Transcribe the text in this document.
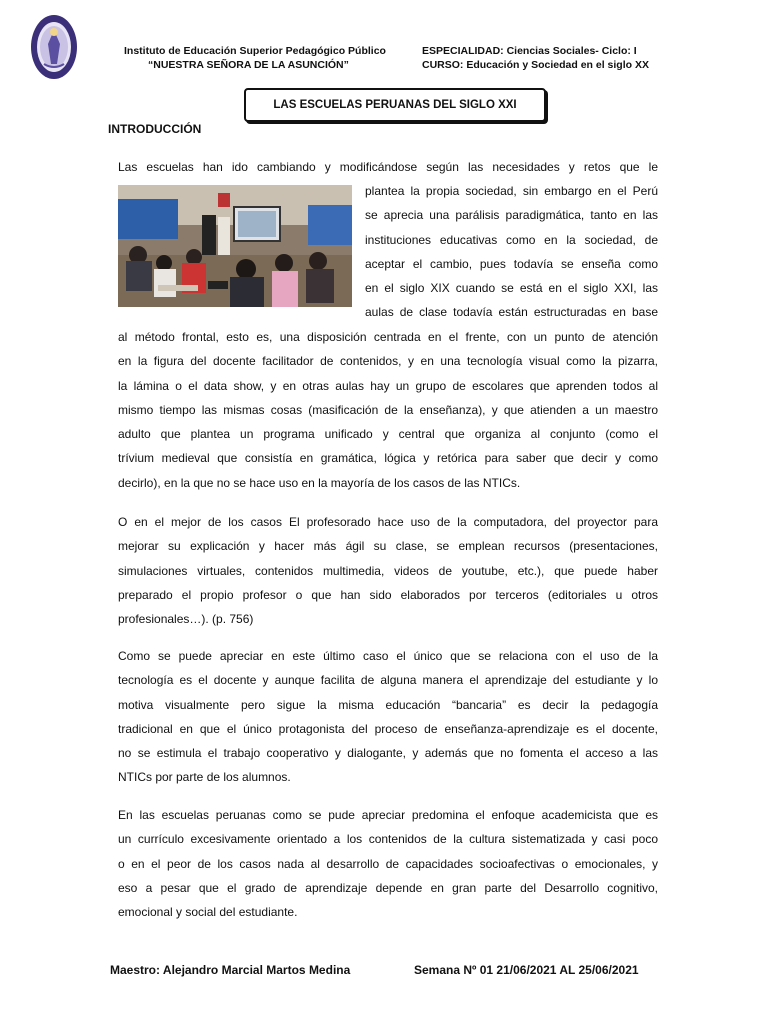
Instituto de Educación Superior Pedagógico Público
“NUESTRA SEÑORA DE LA ASUNCIÓN”
ESPECIALIDAD: Ciencias Sociales- Ciclo: I
CURSO: Educación y Sociedad en el siglo XX
LAS ESCUELAS PERUANAS DEL SIGLO XXI
INTRODUCCIÓN
Las escuelas han ido cambiando y modificándose según las necesidades y retos que le
plantea la propia sociedad, sin embargo en el Perú
se aprecia una parálisis paradigmática, tanto en las
instituciones educativas como en la sociedad, de
aceptar el cambio, pues todavía se enseña como
en el siglo XIX cuando se está en el siglo XXI, las
aulas de clase todavía están estructuradas en base
al método frontal, esto es, una disposición centrada en el frente, con un punto de atención
en la figura del docente facilitador de contenidos, y en una tecnología visual como la pizarra,
la lámina o el data show, y en otras aulas hay un grupo de escolares que aprenden todos al
mismo tiempo las mismas cosas (masificación de la enseñanza), y que atienden a un maestro
adulto que plantea un programa unificado y central que organiza al conjunto (como el
trívium medieval que consistía en gramática, lógica y retórica para saber que decir y como
decirlo), en la que no se hace uso en la mayoría de los casos de las NTICs.
O en el mejor de los casos El profesorado hace uso de la computadora, del proyector para
mejorar su explicación y hacer más ágil su clase, se emplean recursos (presentaciones,
simulaciones virtuales, contenidos multimedia, videos de youtube, etc.), que puede haber
preparado el propio profesor o que han sido elaborados por terceros (editoriales u otros
profesionales…). (p. 756)
Como se puede apreciar en este último caso el único que se relaciona con el uso de la
tecnología es el docente y aunque facilita de alguna manera el aprendizaje del estudiante y lo
motiva visualmente pero sigue la misma educación “bancaria” es decir la pedagogía
tradicional en que el único protagonista del proceso de enseñanza-aprendizaje es el docente,
no se estimula el trabajo cooperativo y dialogante, y además que no fomenta el acceso a las
NTICs por parte de los alumnos.
En las escuelas peruanas como se pude apreciar predomina el enfoque academicista que es
un currículo excesivamente orientado a los contenidos de la cultura sistematizada y casi poco
o en el peor de los casos nada al desarrollo de capacidades socioafectivas o emocionales, y
eso a pesar que el grado de aprendizaje depende en gran parte del Desarrollo cognitivo,
emocional y social del estudiante.
Maestro: Alejandro Marcial Martos Medina	Semana Nº 01 21/06/2021 AL 25/06/2021
